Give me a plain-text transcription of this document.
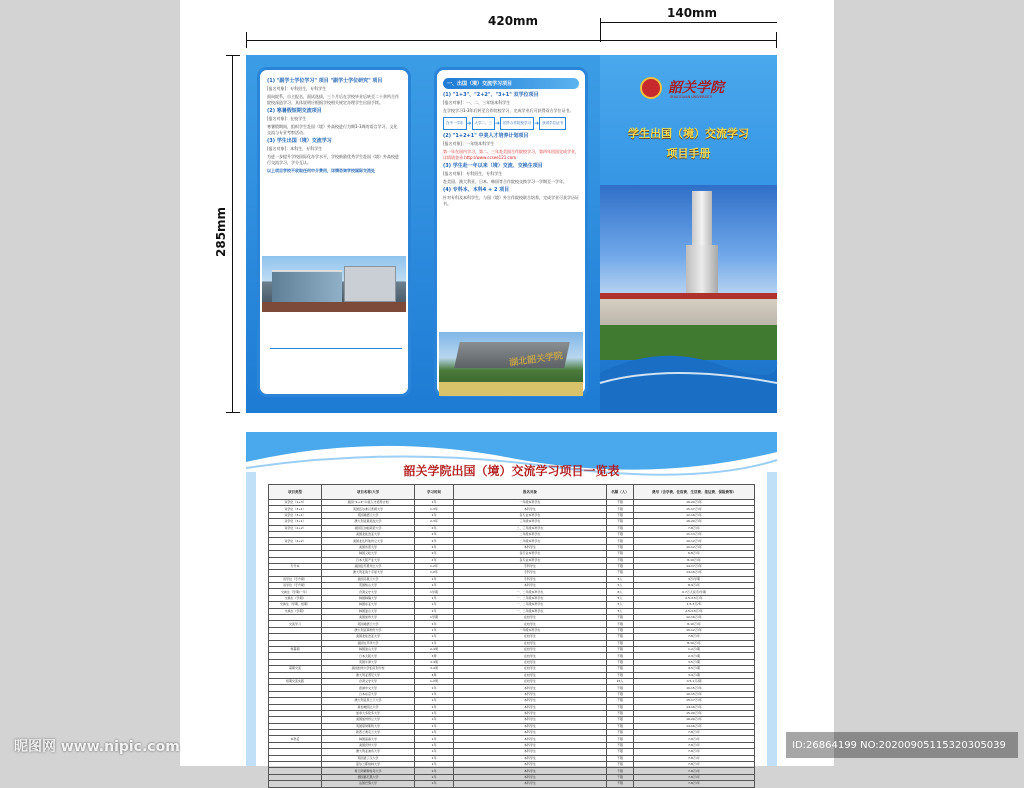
420mm
140mm
285mm

(1) "副学士学位学习" 项目 "副学士学位研究" 项目

[报名对象]：专科招生，专科学生

面向院系，自主报名，面试选拔，三个月后在学校毕业后转至二十余所合作院校深造学习，具体说明应根据学校相关规定办理学生出国手续。

(2) 寒暑假短期交流项目

[报名对象]：在校学生

寒暑假期间，组织学生赴国（境）外高校进行为期1-3周的语言学习、文化交流与专业考察活动。

(3) 学生出国（境）交流学习

[报名对象]：本科生，专科学生

为进一步提升学校国际化办学水平，学校鼓励优秀学生赴国（境）外高校进行交流学习，学分互认。

以上项目学校不收取任何中介费用，详情咨询学校国际交流处

一、出国（境）交流学习项目

(1) "1+3"、"2+2"、"3+1" 双学位项目

[报名对象]：一、二、三年级本科学生

在学校学习1-3年后转至合作院校学习，完成学业后可获得双方学位证书。

在中一学年 ➜ 大学二、三 ➜ 国外合作院校学习 ➜ 获得学位证书

(2) "1+2+1" 中美人才培养计划项目

[报名对象]：一年级本科学生

第一年在国内学习，第二、三年赴美国合作院校学习，第四年回国完成学业，详情请登录 http://www.ccsee121.com

(3) 学生赴一年以来（境）交流、交换生项目

[报名对象]：专科招生，专科学生

赴美国、澳大利亚、日本、韩国等合作院校交换学习一学期至一学年。

(4) 专科本、本科4 + 2 项目

针对专科及本科学生，与国（境）外合作院校联合培养，完成学业可获学历证书。

湖北韶关学院
韶关学院
SHAOGUAN UNIVERSITY
学生出国（境）交流学习
项目手册
韶关学院出国（境）交流学习项目一览表
项目类型	项目名称/大学	学习时间	报名对象	名额（人）	费用（含学费、住宿费、生活费、签证费、保险费等）
双学位（1+3）	美国 "1+3" 中美人才培养计划	1年	一年级本科学生	不限	16-20万/年
双学位（3+1）	英国伍尔弗汉普顿大学	1-3年	本科学生	不限	15-17万/年
双学位（3+1）	英国桑德兰大学	1年	各专业本科学生	不限	12-16万/年
双学位（3+1）	澳大利亚堪培拉大学	2-3年	三年级本科学生	不限	16-20万/年
双学位（2+2）	美国瓦尔帕莱索大学	2年	二、三年级本科学生	不限	7-8万/年
	美国北佐治亚大学	2年	二年级本科学生	不限	11-13万/年
双学位（2+2）	美国北达科他州立大学	2年	二年级本科学生	不限	10-12万/年
	美国肯恩大学	2年	本科学生	不限	10-12万/年
	韩国又松大学	2年	各专业本科学生	不限	6-8万/年
	日本大阪产业大学	2年	各专业本科学生	不限	8-10万/年
专升本	美国密苏里州立大学	1-2年	专科学生	不限	14-17万/年
	澳大利亚南十字星大学	1-2年	专科学生	不限	14-16万/年
双学位（专升硕）	美国马里兰大学	1年	专科学生	5人	3万/学期
双学位（专升硕）	英国知山大学	1年	本科学生	5人	8-9万/年
交换生（学期/一年）	台湾义守大学	1学期	一、二年级本科学生	8人	0.7万人民币/学期
交换生（学期）	韩国韩瑞大学	1年	一、二年级本科学生	5人	2.5-3.5万/年
交换生（学期、短期）	韩国东亚大学	1年	一、二年级本科学生	5人	1.5-3万/年
交换生（学期）	韩国釜山大学	1年	一、二年级本科学生	5人	2.5-3.5万/年
	美国加州大学	1学期	在校学生	不限	12-16万/年
交流学习	英国桑德兰大学	1年	在校学生	不限	8-10万/年
	澳大利亚莫纳什大学	1年	一年级本科学生	不限	10-12万/年
	美国北佐治亚大学	1年	在校学生	不限	7-8万/年
	美国太平洋大学	1年	在校学生	不限	8-10万/年
寒暑期	韩国釜山大学	2-4周	在校学生	不限	1-2万/期
	日本大阪大学	3周	在校学生	不限	2-3万/期
	英国牛津大学	3-4周	在校学生	不限	3-5万/期
暑期交流	美国加州大学伯克利分校	3-4周	在校学生	不限	4-5万/期
	澳大利亚悉尼大学	4周	在校学生	不限	3-4万/期
短期交流实践	台湾义守大学	1-2周	在校学生	15人	0.5-1万/期
	香港中文大学	1年	本科学生	不限	10-15万/年
	日本东京大学	1年	本科学生	不限	10-15万/年
	澳大利亚昆士兰大学	1年	本科学生	不限	15-17万/年
	新加坡国立大学	1年	本科学生	不限	14-16万/年
	加拿大多伦多大学	1年	本科学生	不限	15-20万/年
	美国加州州立大学	1年	本科学生	不限	16-20万/年
	英国曼彻斯特大学	1年	本科学生	不限	14-16万/年
	新西兰奥克兰大学	1年	本科学生	不限	7-8万/年
本科后	韩国高丽大学	1年	本科学生	不限	7-8万/年
	美国宾州大学	1年	本科学生	不限	7-8万/年
	澳大利亚迪肯大学	1年	本科学生	不限	7-8万/年
	英国诺丁汉大学	1年	本科学生	不限	7-8万/年
	爱尔兰都柏林大学	1年	本科学生	不限	7-8万/年
	荷兰阿姆斯特丹大学	1年	本科学生	不限	7-8万/年
	德国慕尼黑大学	1年	本科学生	不限	7-8万/年
	法国巴黎大学	1年	本科学生	不限	7-8万/年
昵图网 www.nipic.com	ID:26864199 NO:20200905115320305039
